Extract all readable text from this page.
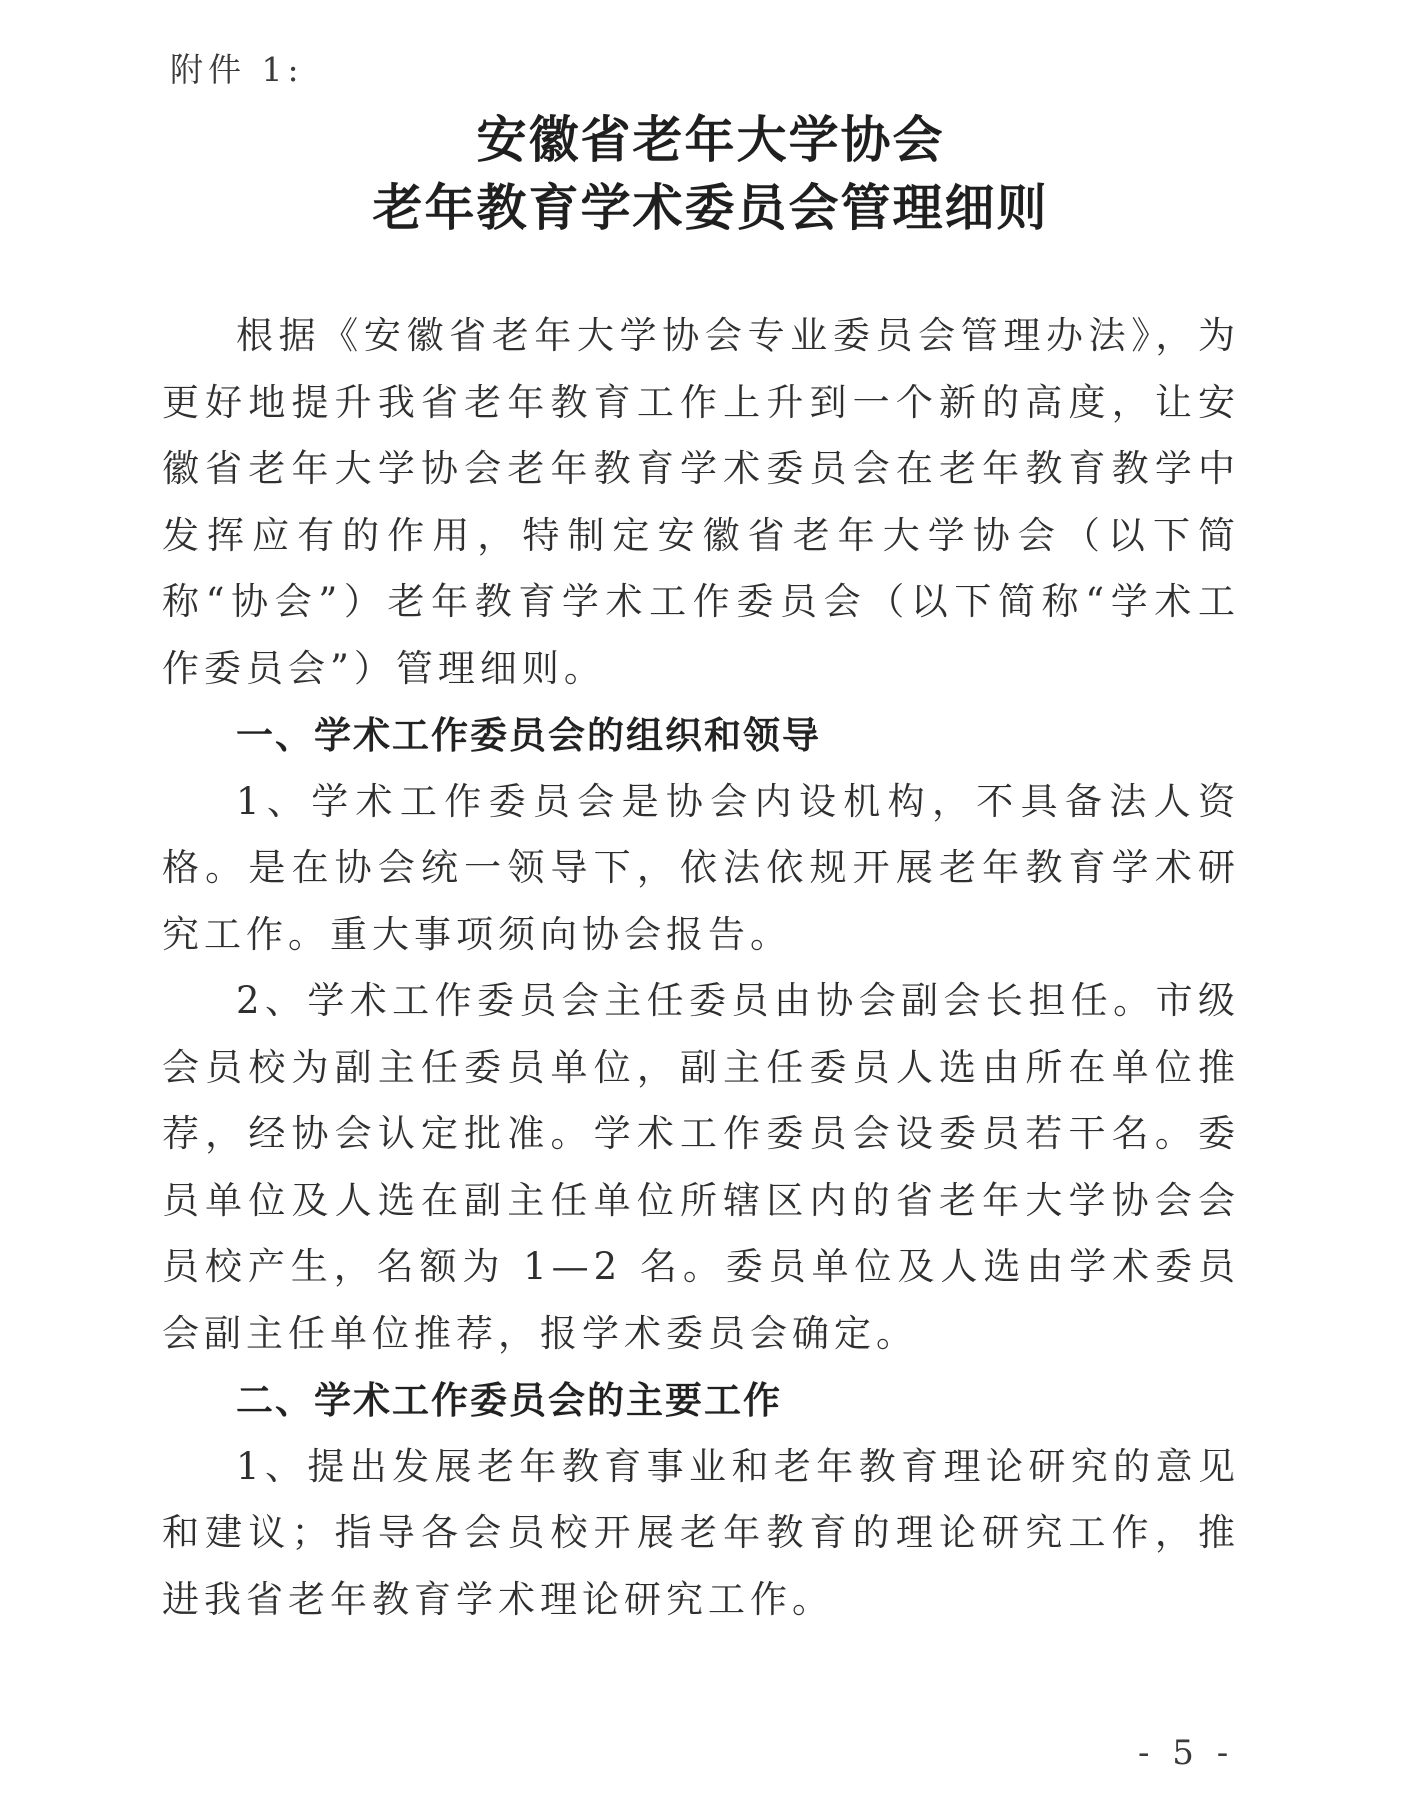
附件 1:
安徽省老年大学协会
老年教育学术委员会管理细则

根据《安徽省老年大学协会专业委员会管理办法》，为更好地提升我省老年教育工作上升到一个新的高度，让安徽省老年大学协会老年教育学术委员会在老年教育教学中发挥应有的作用，特制定安徽省老年大学协会（以下简称“协会”）老年教育学术工作委员会（以下简称“学术工作委员会”）管理细则。

一、学术工作委员会的组织和领导

1、学术工作委员会是协会内设机构，不具备法人资格。是在协会统一领导下，依法依规开展老年教育学术研究工作。重大事项须向协会报告。

2、学术工作委员会主任委员由协会副会长担任。市级会员校为副主任委员单位，副主任委员人选由所在单位推荐，经协会认定批准。学术工作委员会设委员若干名。委员单位及人选在副主任单位所辖区内的省老年大学协会会员校产生，名额为 1—2 名。委员单位及人选由学术委员会副主任单位推荐，报学术委员会确定。

二、学术工作委员会的主要工作

1、提出发展老年教育事业和老年教育理论研究的意见和建议；指导各会员校开展老年教育的理论研究工作，推进我省老年教育学术理论研究工作。

- 5 -
